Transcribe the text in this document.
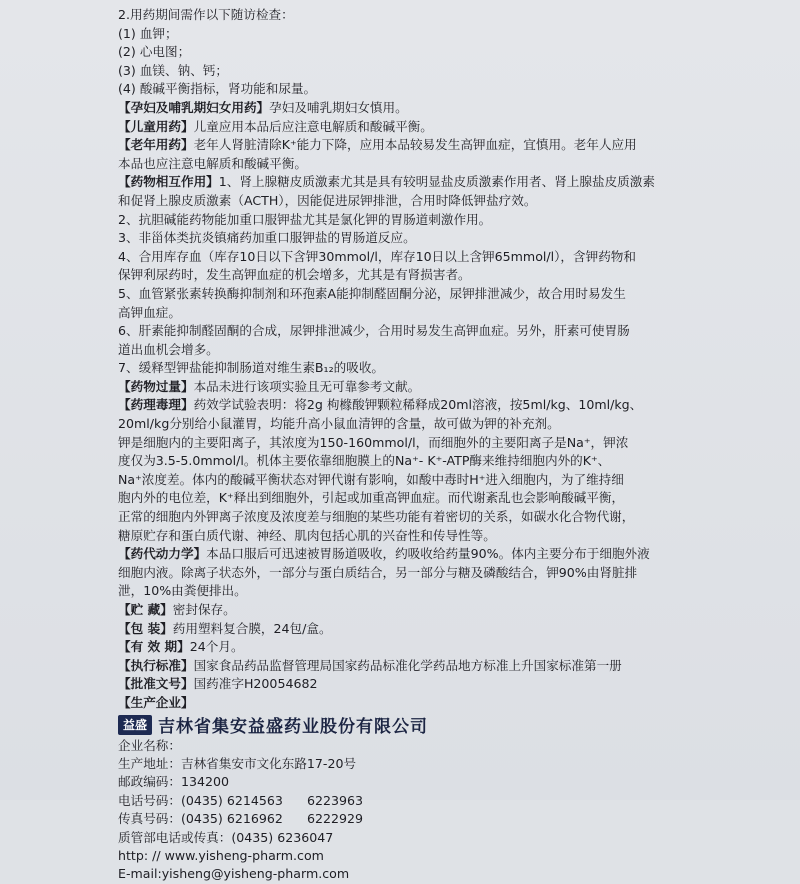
2.用药期间需作以下随访检查：
(1) 血钾；
(2) 心电图；
(3) 血镁、钠、钙；
(4) 酸碱平衡指标，肾功能和尿量。
【孕妇及哺乳期妇女用药】孕妇及哺乳期妇女慎用。
【儿童用药】儿童应用本品后应注意电解质和酸碱平衡。
【老年用药】老年人肾脏清除K⁺能力下降，应用本品较易发生高钾血症，宜慎用。老年人应用
本品也应注意电解质和酸碱平衡。
【药物相互作用】1、肾上腺糖皮质激素尤其是具有较明显盐皮质激素作用者、肾上腺盐皮质激素
和促肾上腺皮质激素（ACTH），因能促进尿钾排泄，合用时降低钾盐疗效。
2、抗胆碱能药物能加重口服钾盐尤其是氯化钾的胃肠道刺激作用。
3、非甾体类抗炎镇痛药加重口服钾盐的胃肠道反应。
4、合用库存血（库存10日以下含钾30mmol/l，库存10日以上含钾65mmol/l），含钾药物和
保钾利尿药时，发生高钾血症的机会增多，尤其是有肾损害者。
5、血管紧张素转换酶抑制剂和环孢素A能抑制醛固酮分泌，尿钾排泄减少，故合用时易发生
高钾血症。
6、肝素能抑制醛固酮的合成，尿钾排泄减少，合用时易发生高钾血症。另外，肝素可使胃肠
道出血机会增多。
7、缓释型钾盐能抑制肠道对维生素B₁₂的吸收。
【药物过量】本品未进行该项实验且无可靠参考文献。
【药理毒理】药效学试验表明：将2g 枸橼酸钾颗粒稀释成20ml溶液，按5ml/kg、10ml/kg、
20ml/kg分别给小鼠灌胃，均能升高小鼠血清钾的含量，故可做为钾的补充剂。
钾是细胞内的主要阳离子，其浓度为150-160mmol/l，而细胞外的主要阳离子是Na⁺，钾浓
度仅为3.5-5.0mmol/l。机体主要依靠细胞膜上的Na⁺- K⁺-ATP酶来维持细胞内外的K⁺、
Na⁺浓度差。体内的酸碱平衡状态对钾代谢有影响，如酸中毒时H⁺进入细胞内，为了维持细
胞内外的电位差，K⁺释出到细胞外，引起或加重高钾血症。而代谢紊乱也会影响酸碱平衡，
正常的细胞内外钾离子浓度及浓度差与细胞的某些功能有着密切的关系，如碳水化合物代谢，
糖原贮存和蛋白质代谢、神经、肌肉包括心肌的兴奋性和传导性等。
【药代动力学】本品口服后可迅速被胃肠道吸收，约吸收给药量90%。体内主要分布于细胞外液
细胞内液。除离子状态外，一部分与蛋白质结合，另一部分与糖及磷酸结合，钾90%由肾脏排
泄，10%由粪便排出。
【贮 藏】密封保存。
【包 装】药用塑料复合膜，24包/盒。
【有 效 期】24个月。
【执行标准】国家食品药品监督管理局国家药品标准化学药品地方标准上升国家标准第一册
【批准文号】国药准字H20054682
【生产企业】
益盛 吉林省集安益盛药业股份有限公司
企业名称：
生产地址：吉林省集安市文化东路17-20号
邮政编码：134200
电话号码：(0435) 6214563      6223963
传真号码：(0435) 6216962      6222929
质管部电话或传真：(0435) 6236047
http: // www.yisheng-pharm.com
E-mail:yisheng@yisheng-pharm.com
